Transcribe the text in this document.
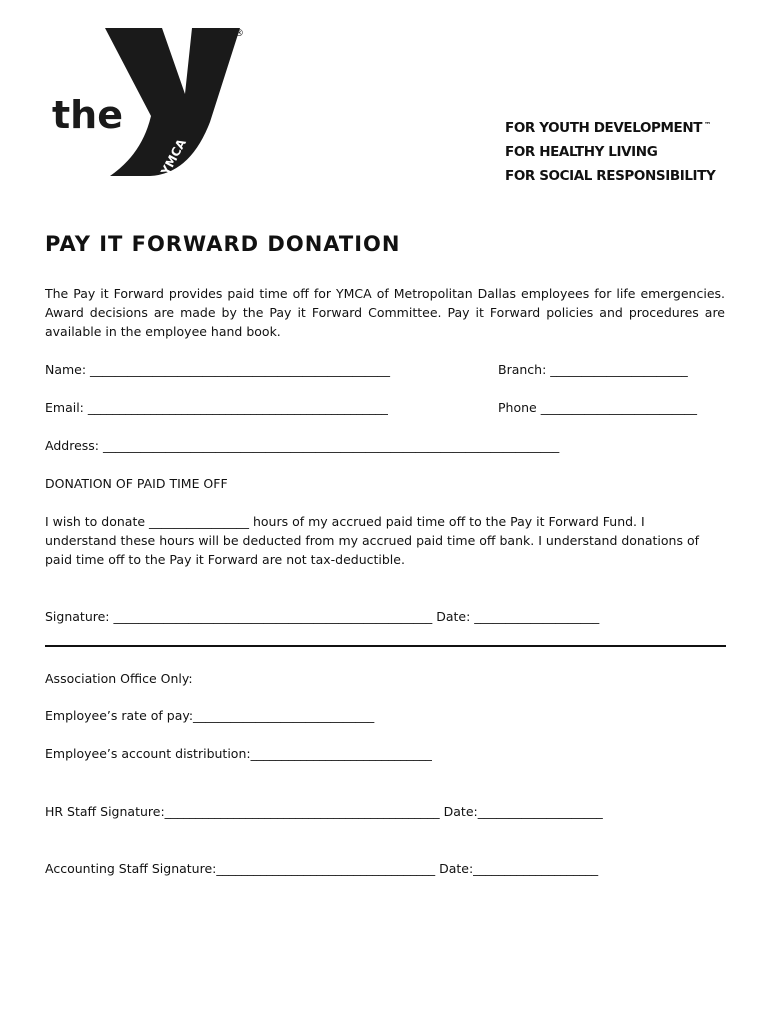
the
YMCA
®
FOR YOUTH DEVELOPMENT ™
FOR HEALTHY LIVING
FOR SOCIAL RESPONSIBILITY
PAY IT FORWARD DONATION
The Pay it Forward provides paid time off for YMCA of Metropolitan Dallas employees for life emergencies. Award decisions are made by the Pay it Forward Committee. Pay it Forward policies and procedures are available in the employee hand book.
Name: ________________________________________________	Branch: ______________________
Email: ________________________________________________	Phone _________________________
Address: _________________________________________________________________________
DONATION OF PAID TIME OFF
I wish to donate ________________ hours of my accrued paid time off to the Pay it Forward Fund. I
understand these hours will be deducted from my accrued paid time off bank. I understand donations of
paid time off to the Pay it Forward are not tax-deductible.
Signature: ___________________________________________________ Date: ____________________
Association Office Only:
Employee’s rate of pay:_____________________________
Employee’s account distribution:_____________________________
HR Staff Signature:____________________________________________ Date:____________________
Accounting Staff Signature:___________________________________ Date:____________________
